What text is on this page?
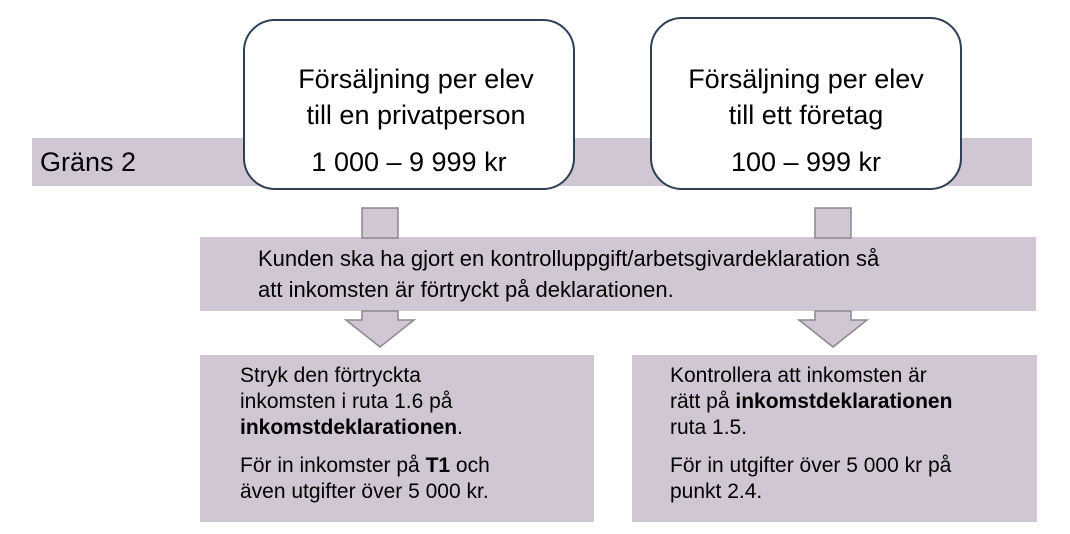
Gräns 2
Försäljning per elev
till en privatperson
1 000 – 9 999 kr
Försäljning per elev
till ett företag
100 – 999 kr
Kunden ska ha gjort en kontrolluppgift/arbetsgivardeklaration så
att inkomsten är förtryckt på deklarationen.

Stryk den förtryckta
inkomsten i ruta 1.6 på
inkomstdeklarationen.

För in inkomster på T1 och
även utgifter över 5 000 kr.

Kontrollera att inkomsten är
rätt på inkomstdeklarationen
ruta 1.5.

För in utgifter över 5 000 kr på
punkt 2.4.
